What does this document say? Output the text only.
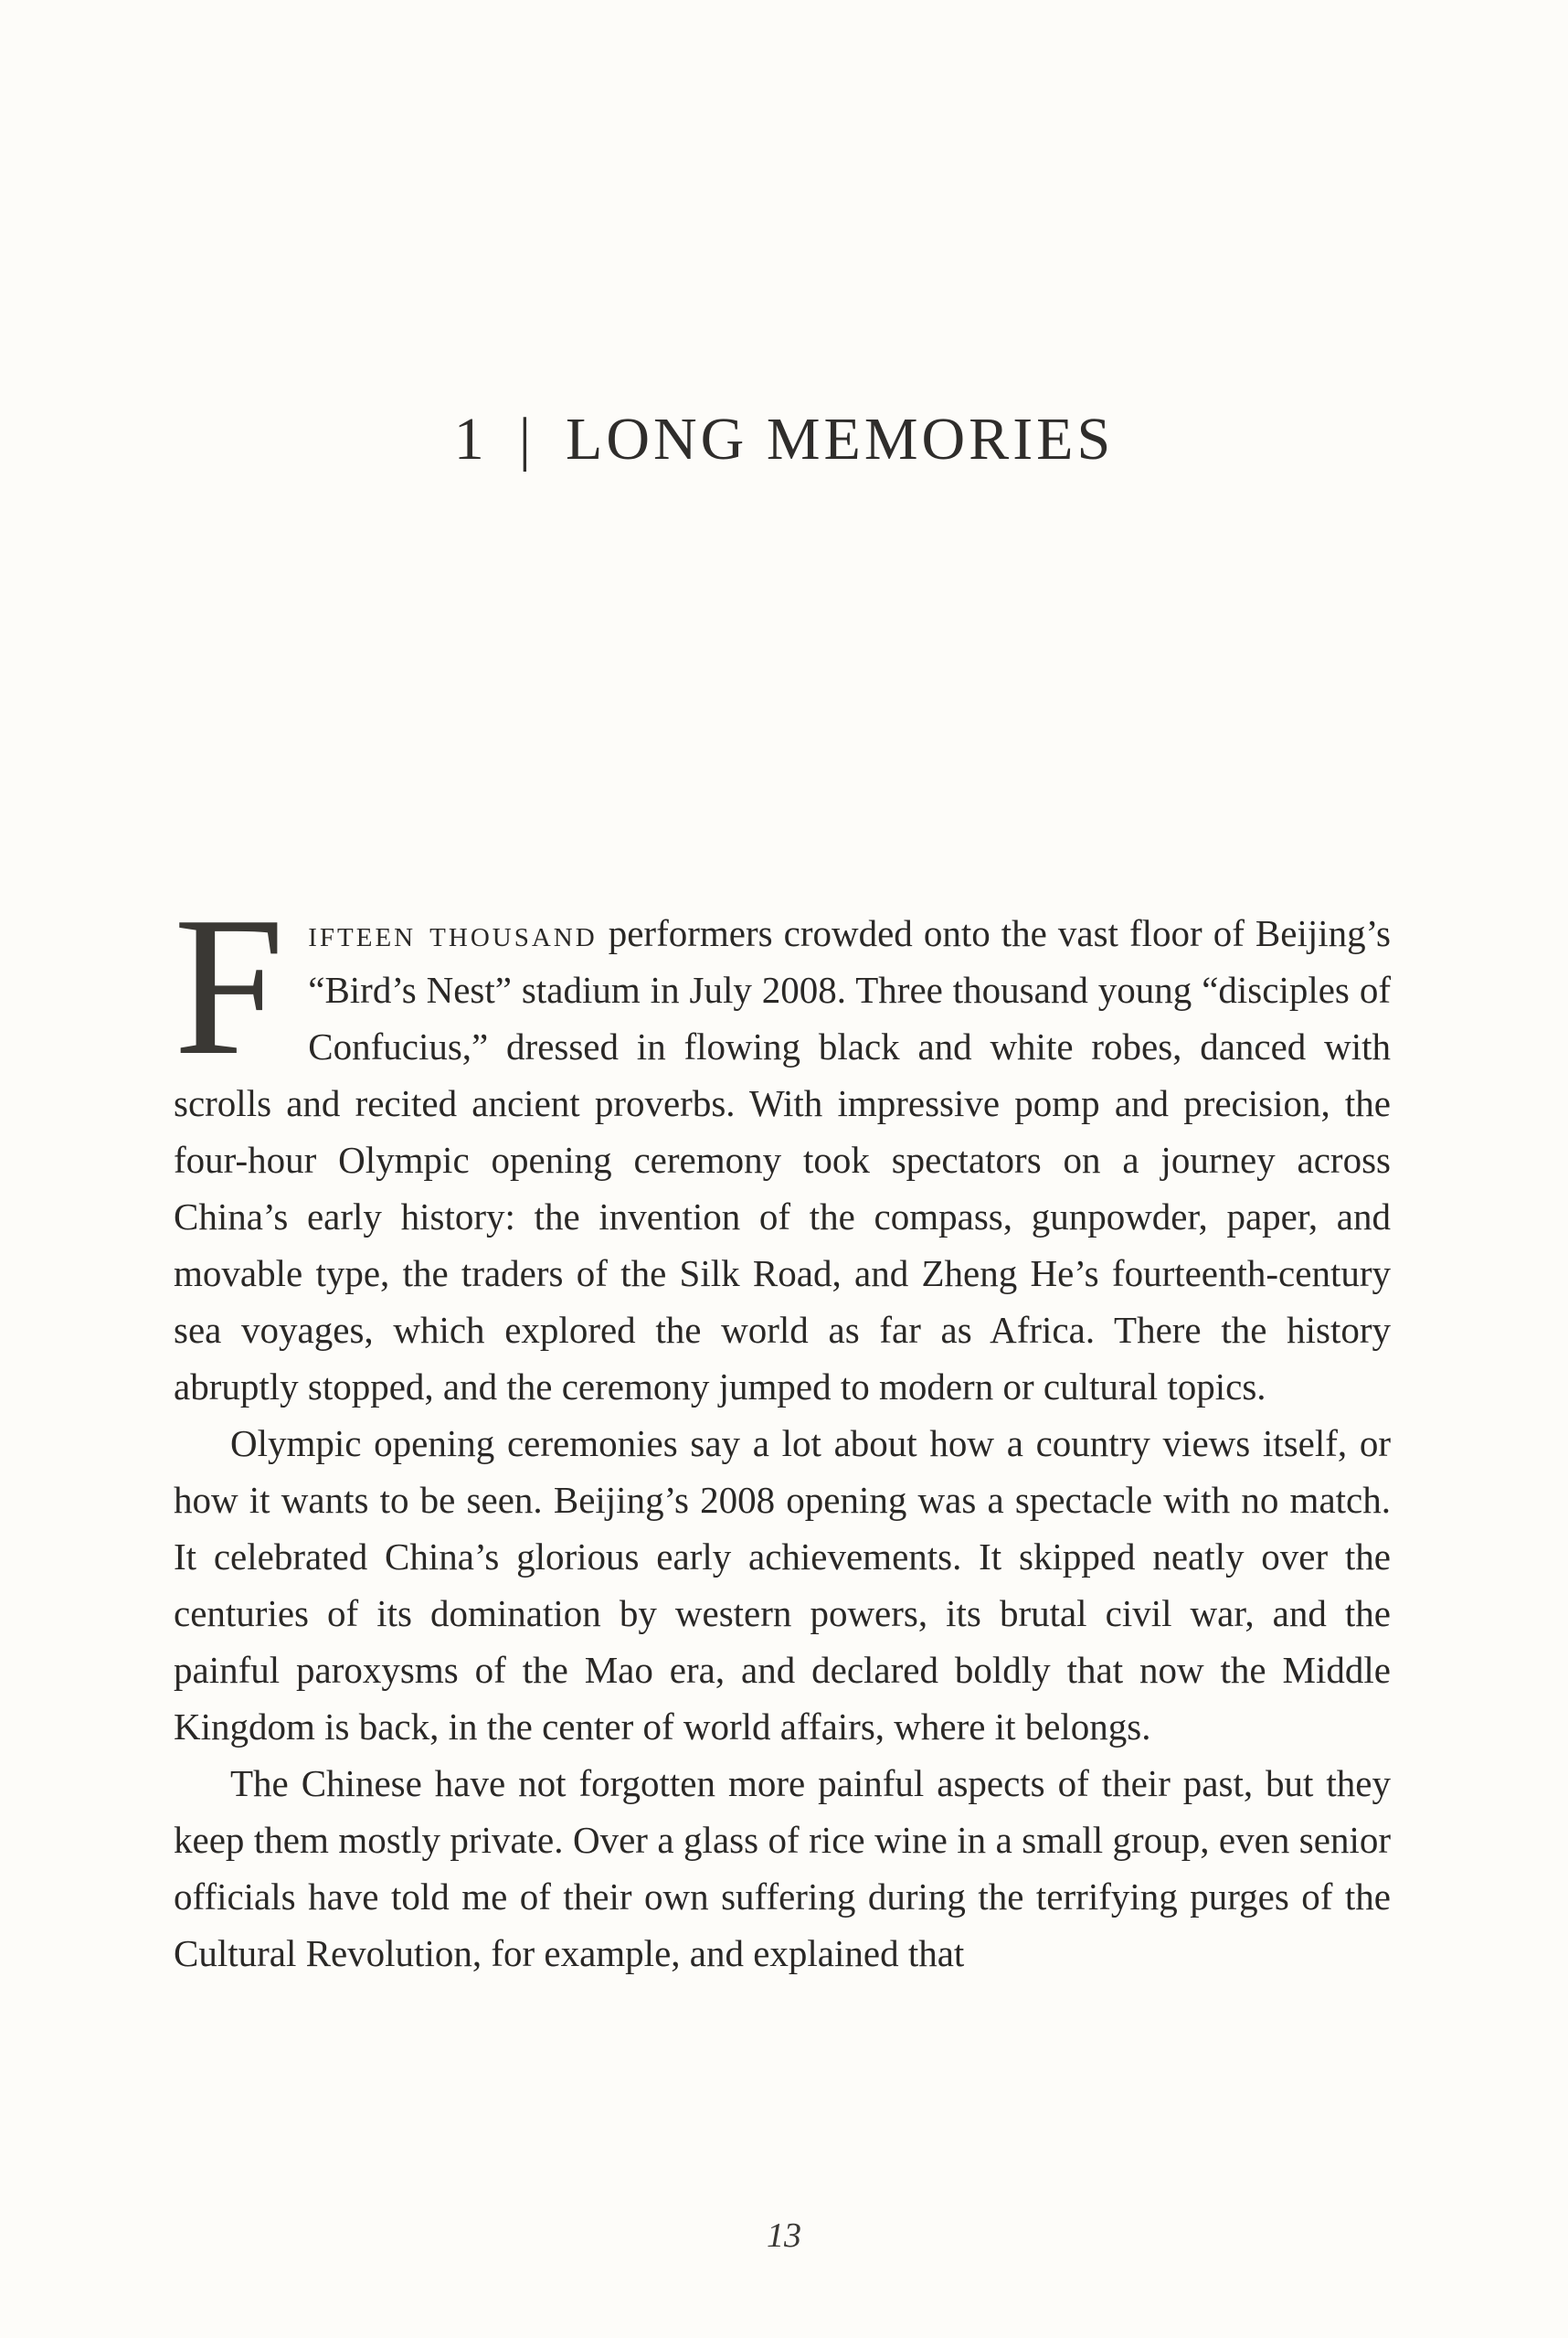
1 | LONG MEMORIES

Fifteen thousand performers crowded onto the vast floor of Beijing’s “Bird’s Nest” stadium in July 2008. Three thousand young “disciples of Confucius,” dressed in flowing black and white robes, danced with scrolls and recited ancient proverbs. With impressive pomp and precision, the four-hour Olympic opening ceremony took spectators on a journey across China’s early history: the invention of the compass, gunpowder, paper, and movable type, the traders of the Silk Road, and Zheng He’s fourteenth-century sea voyages, which explored the world as far as Africa. There the history abruptly stopped, and the ceremony jumped to modern or cultural topics.

Olympic opening ceremonies say a lot about how a country views itself, or how it wants to be seen. Beijing’s 2008 opening was a spectacle with no match. It celebrated China’s glorious early achievements. It skipped neatly over the centuries of its domination by western powers, its brutal civil war, and the painful paroxysms of the Mao era, and declared boldly that now the Middle Kingdom is back, in the center of world affairs, where it belongs.

The Chinese have not forgotten more painful aspects of their past, but they keep them mostly private. Over a glass of rice wine in a small group, even senior officials have told me of their own suffering during the terrifying purges of the Cultural Revolution, for example, and explained that

13
